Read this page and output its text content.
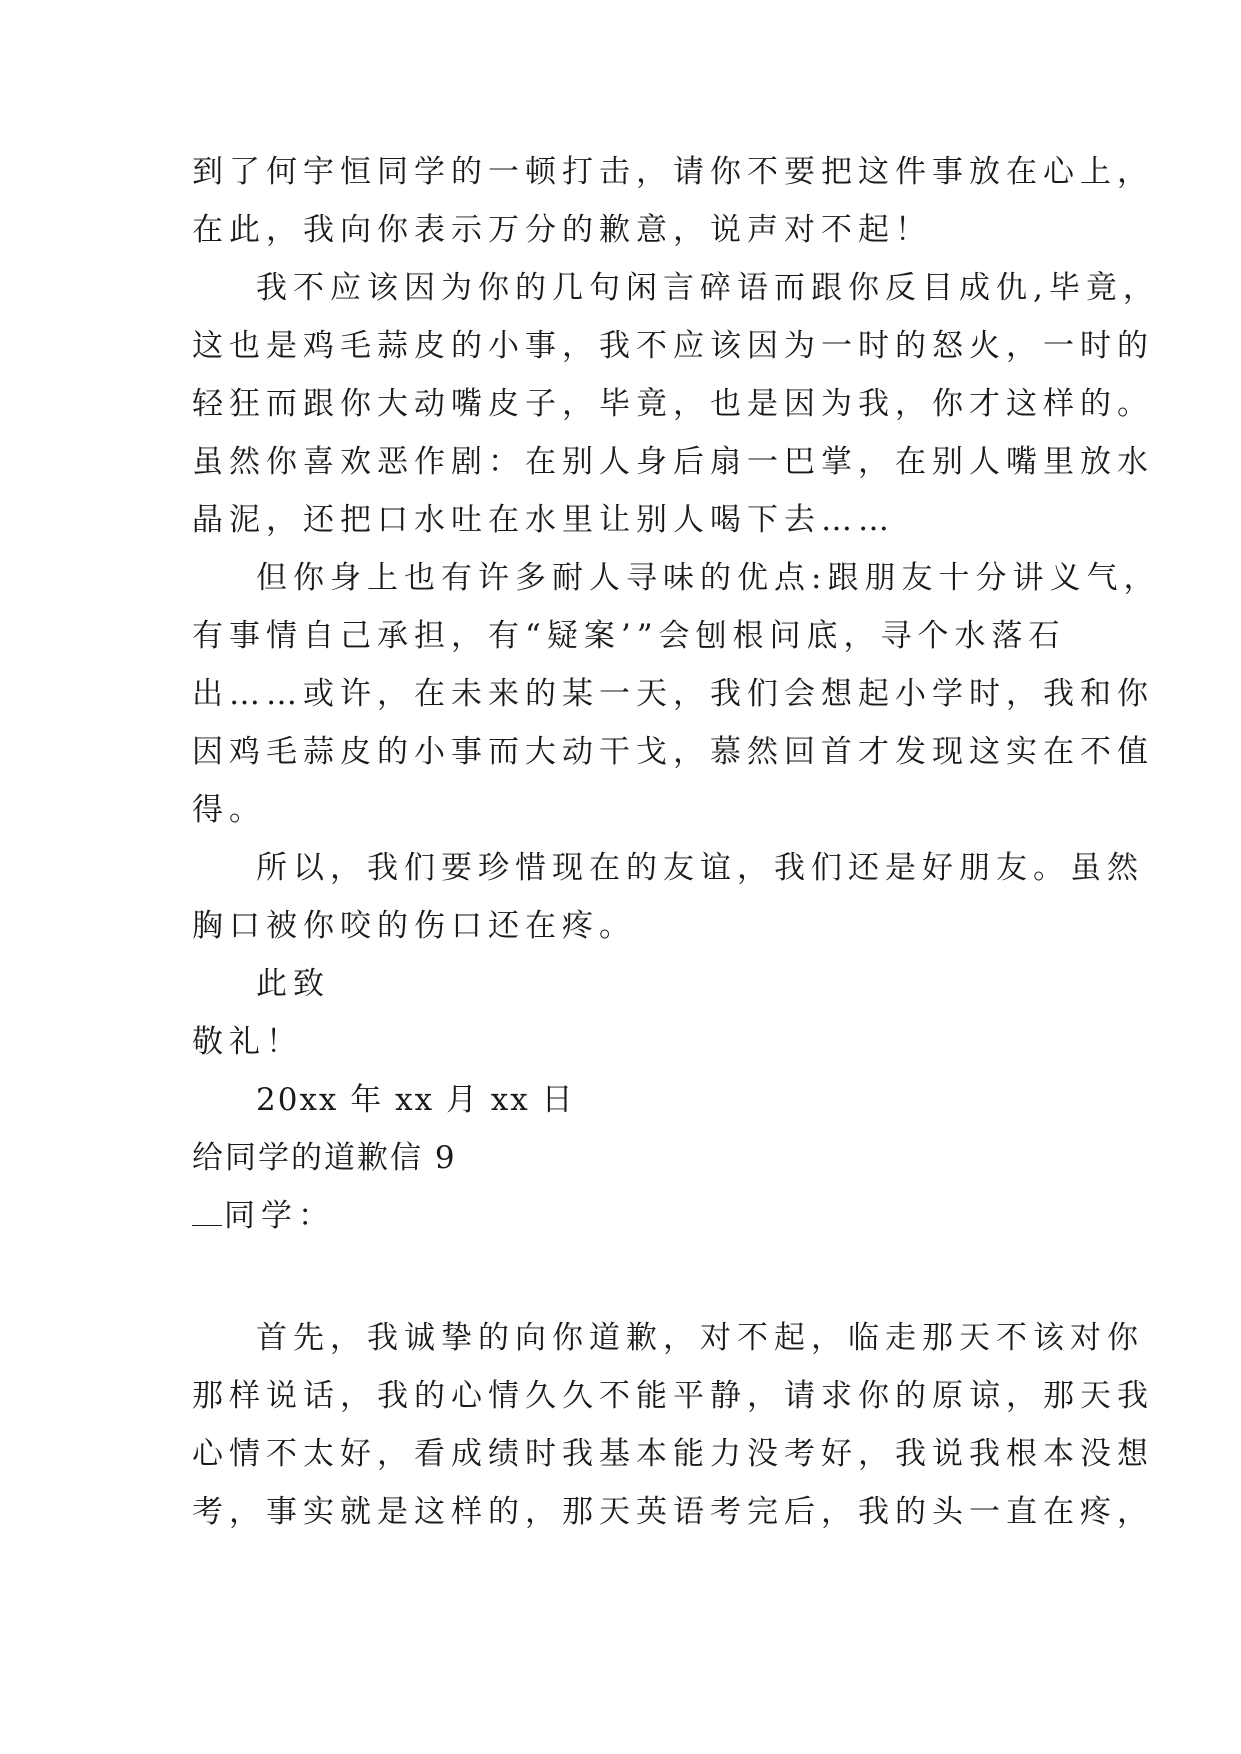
到了何宇恒同学的一顿打击，请你不要把这件事放在心上，
在此，我向你表示万分的歉意，说声对不起！
我不应该因为你的几句闲言碎语而跟你反目成仇,毕竟，
这也是鸡毛蒜皮的小事，我不应该因为一时的怒火，一时的
轻狂而跟你大动嘴皮子，毕竟，也是因为我，你才这样的。
虽然你喜欢恶作剧：在别人身后扇一巴掌，在别人嘴里放水
晶泥，还把口水吐在水里让别人喝下去……
但你身上也有许多耐人寻味的优点:跟朋友十分讲义气，
有事情自己承担，有“疑案’”会刨根问底，寻个水落石
出……或许，在未来的某一天，我们会想起小学时，我和你
因鸡毛蒜皮的小事而大动干戈，慕然回首才发现这实在不值
得。
所以，我们要珍惜现在的友谊，我们还是好朋友。虽然
胸口被你咬的伤口还在疼。
此致
敬礼！
20xx 年 xx 月 xx 日
给同学的道歉信 9
同学：
首先，我诚挚的向你道歉，对不起，临走那天不该对你
那样说话，我的心情久久不能平静，请求你的原谅，那天我
心情不太好，看成绩时我基本能力没考好，我说我根本没想
考，事实就是这样的，那天英语考完后，我的头一直在疼，
